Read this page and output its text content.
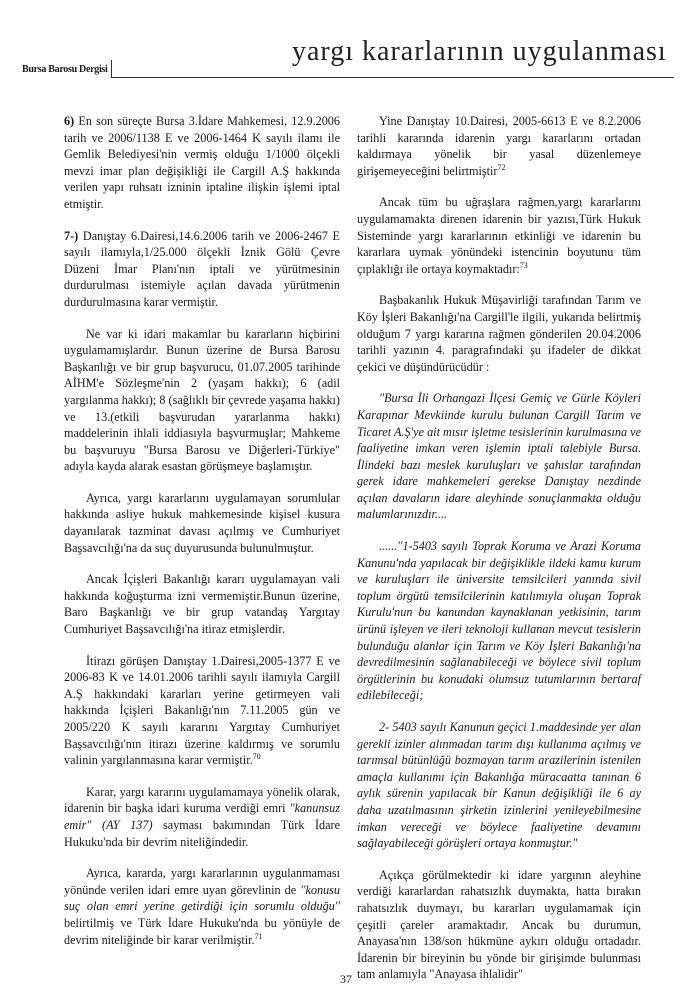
Bursa Barosu Dergisi
yargı kararlarının uygulanması

6) En son süreçte Bursa 3.İdare Mahkemesi, 12.9.2006 tarih ve 2006/1138 E ve 2006-1464 K sayılı ilamı ile Gemlik Belediyesi'nin vermiş olduğu 1/1000 ölçekli mevzi imar plan değişikliği ile Cargill A.Ş hakkında verilen yapı ruhsatı izninin iptaline ilişkin işlemi iptal etmiştir.

7-) Danıştay 6.Dairesi,14.6.2006 tarih ve 2006-2467 E sayılı ilamıyla,1/25.000 ölçekli İznik Gölü Çevre Düzeni İmar Planı'nın iptali ve yürütmesinin durdurulması istemiyle açılan davada yürütmenin durdurulmasına karar vermiştir.

Ne var ki idari makamlar bu kararların hiçbirini uygulamamışlardır. Bunun üzerine de Bursa Barosu Başkanlığı ve bir grup başvurucu, 01.07.2005 tarihinde AİHM'e Sözleşme'nin 2 (yaşam hakkı); 6 (adil yargılanma hakkı); 8 (sağlıklı bir çevrede yaşama hakkı) ve 13.(etkili başvurudan yararlanma hakkı) maddelerinin ihlali iddiasıyla başvurmuşlar; Mahkeme bu başvuruyu "Bursa Barosu ve Diğerleri-Türkiye" adıyla kayda alarak esastan görüşmeye başlamıştır.

Ayrıca, yargı kararlarını uygulamayan sorumlular hakkında asliye hukuk mahkemesinde kişisel kusura dayanılarak tazminat davası açılmış ve Cumhuriyet Başsavcılığı'na da suç duyurusunda bulunulmuştur.

Ancak İçişleri Bakanlığı kararı uygulamayan vali hakkında koğuşturma izni vermemiştir.Bunun üzerine, Baro Başkanlığı ve bir grup vatandaş Yargıtay Cumhuriyet Başsavcılığı'na itiraz etmişlerdir.

İtirazı görüşen Danıştay 1.Dairesi,2005-1377 E ve 2006-83 K ve 14.01.2006 tarihli sayılı ilamıyla Cargill A.Ş hakkındaki kararları yerine getirmeyen vali hakkında İçişleri Bakanlığı'nın 7.11.2005 gün ve 2005/220 K sayılı kararını Yargıtay Cumhuriyet Başsavcılığı'nın itirazı üzerine kaldırmış ve sorumlu valinin yargılanmasına karar vermiştir.$^{70}$

Karar, yargı kararını uygulamamaya yönelik olarak, idarenin bir başka idari kuruma verdiği emri "kanunsuz emir" (AY 137) sayması bakımından Türk İdare Hukuku'nda bir devrim niteliğindedir.

Ayrıca, kararda, yargı kararlarının uygulanmaması yönünde verilen idari emre uyan görevlinin de ''konusu suç olan emri yerine getirdiği için sorumlu olduğu'' belirtilmiş ve Türk İdare Hukuku'nda bu yönüyle de devrim niteliğinde bir karar verilmiştir.$^{71}$

Yine Danıştay 10.Dairesi, 2005-6613 E ve 8.2.2006 tarihli kararında idarenin yargı kararlarını ortadan kaldırmaya yönelik bir yasal düzenlemeye girişemeyeceğini belirtmiştir$^{72}$

Ancak tüm bu uğraşlara rağmen,yargı kararlarını uygulamamakta direnen idarenin bir yazısı,Türk Hukuk Sisteminde yargı kararlarının etkinliği ve idarenin bu kararlara uymak yönündeki istencinin boyutunu tüm çıplaklığı ile ortaya koymaktadır:$^{73}$

Başbakanlık Hukuk Müşavirliği tarafından Tarım ve Köy İşleri Bakanlığı'na Cargill'le ilgili, yukarıda belirtmiş olduğum 7 yargı kararına rağmen gönderilen 20.04.2006 tarihli yazının 4. paragrafındaki şu ifadeler de dikkat çekici ve düşündürücüdür :

"Bursa İli Orhangazi İlçesi Gemiç ve Gürle Köyleri Karapınar Mevkiinde kurulu bulunan Cargill Tarım ve Ticaret A.Ş'ye ait mısır işletme tesislerinin kurulmasına ve faaliyetine imkan veren işlemin iptali talebiyle Bursa. İlindeki bazı meslek kuruluşları ve şahıslar tarafından gerek idare mahkemeleri gerekse Danıştay nezdinde açılan davaların idare aleyhinde sonuçlanmakta olduğu malumlarınızdır....

......''1-5403 sayılı Toprak Koruma ve Arazi Koruma Kanunu'nda yapılacak bir değişiklikle ildeki kamu kurum ve kuruluşları ile üniversite temsilcileri yanında sivil toplum örgütü temsilcilerinin katılımıyla oluşan Toprak Kurulu'nun bu kanundan kaynaklanan yetkisinin, tarım ürünü işleyen ve ileri teknoloji kullanan mevcut tesislerin bulunduğu alanlar için Tarım ve Köy İşleri Bakanlığı'na devredilmesinin sağlanabileceği ve böylece sivil toplum örgütlerinin bu konudaki olumsuz tutumlarının bertaraf edilebileceği;

2- 5403 sayılı Kanunun geçici 1.maddesinde yer alan gerekli izinler alınmadan tarım dışı kullanıma açılmış ve tarımsal bütünlüğü bozmayan tarım arazilerinin istenilen amaçla kullanımı için Bakanlığa müracaatta tanınan 6 aylık sürenin yapılacak bir Kanun değişikliği ile 6 ay daha uzatılmasının şirketin izinlerini yenileyebilmesine imkan vereceği ve böylece faaliyetine devamını sağlayabileceği görüşleri ortaya konmuştur."

Açıkça görülmektedir ki idare yargının aleyhine verdiği kararlardan rahatsızlık duymakta, hatta bırakın rahatsızlık duymayı, bu kararları uygulamamak için çeşitli çareler aramaktadır. Ancak bu durumun, Anayasa'nın 138/son hükmüne aykırı olduğu ortadadır. İdarenin bir bireyinin bu yönde bir girişimde bulunması tam anlamıyla "Anayasa ihlalidir"

37
